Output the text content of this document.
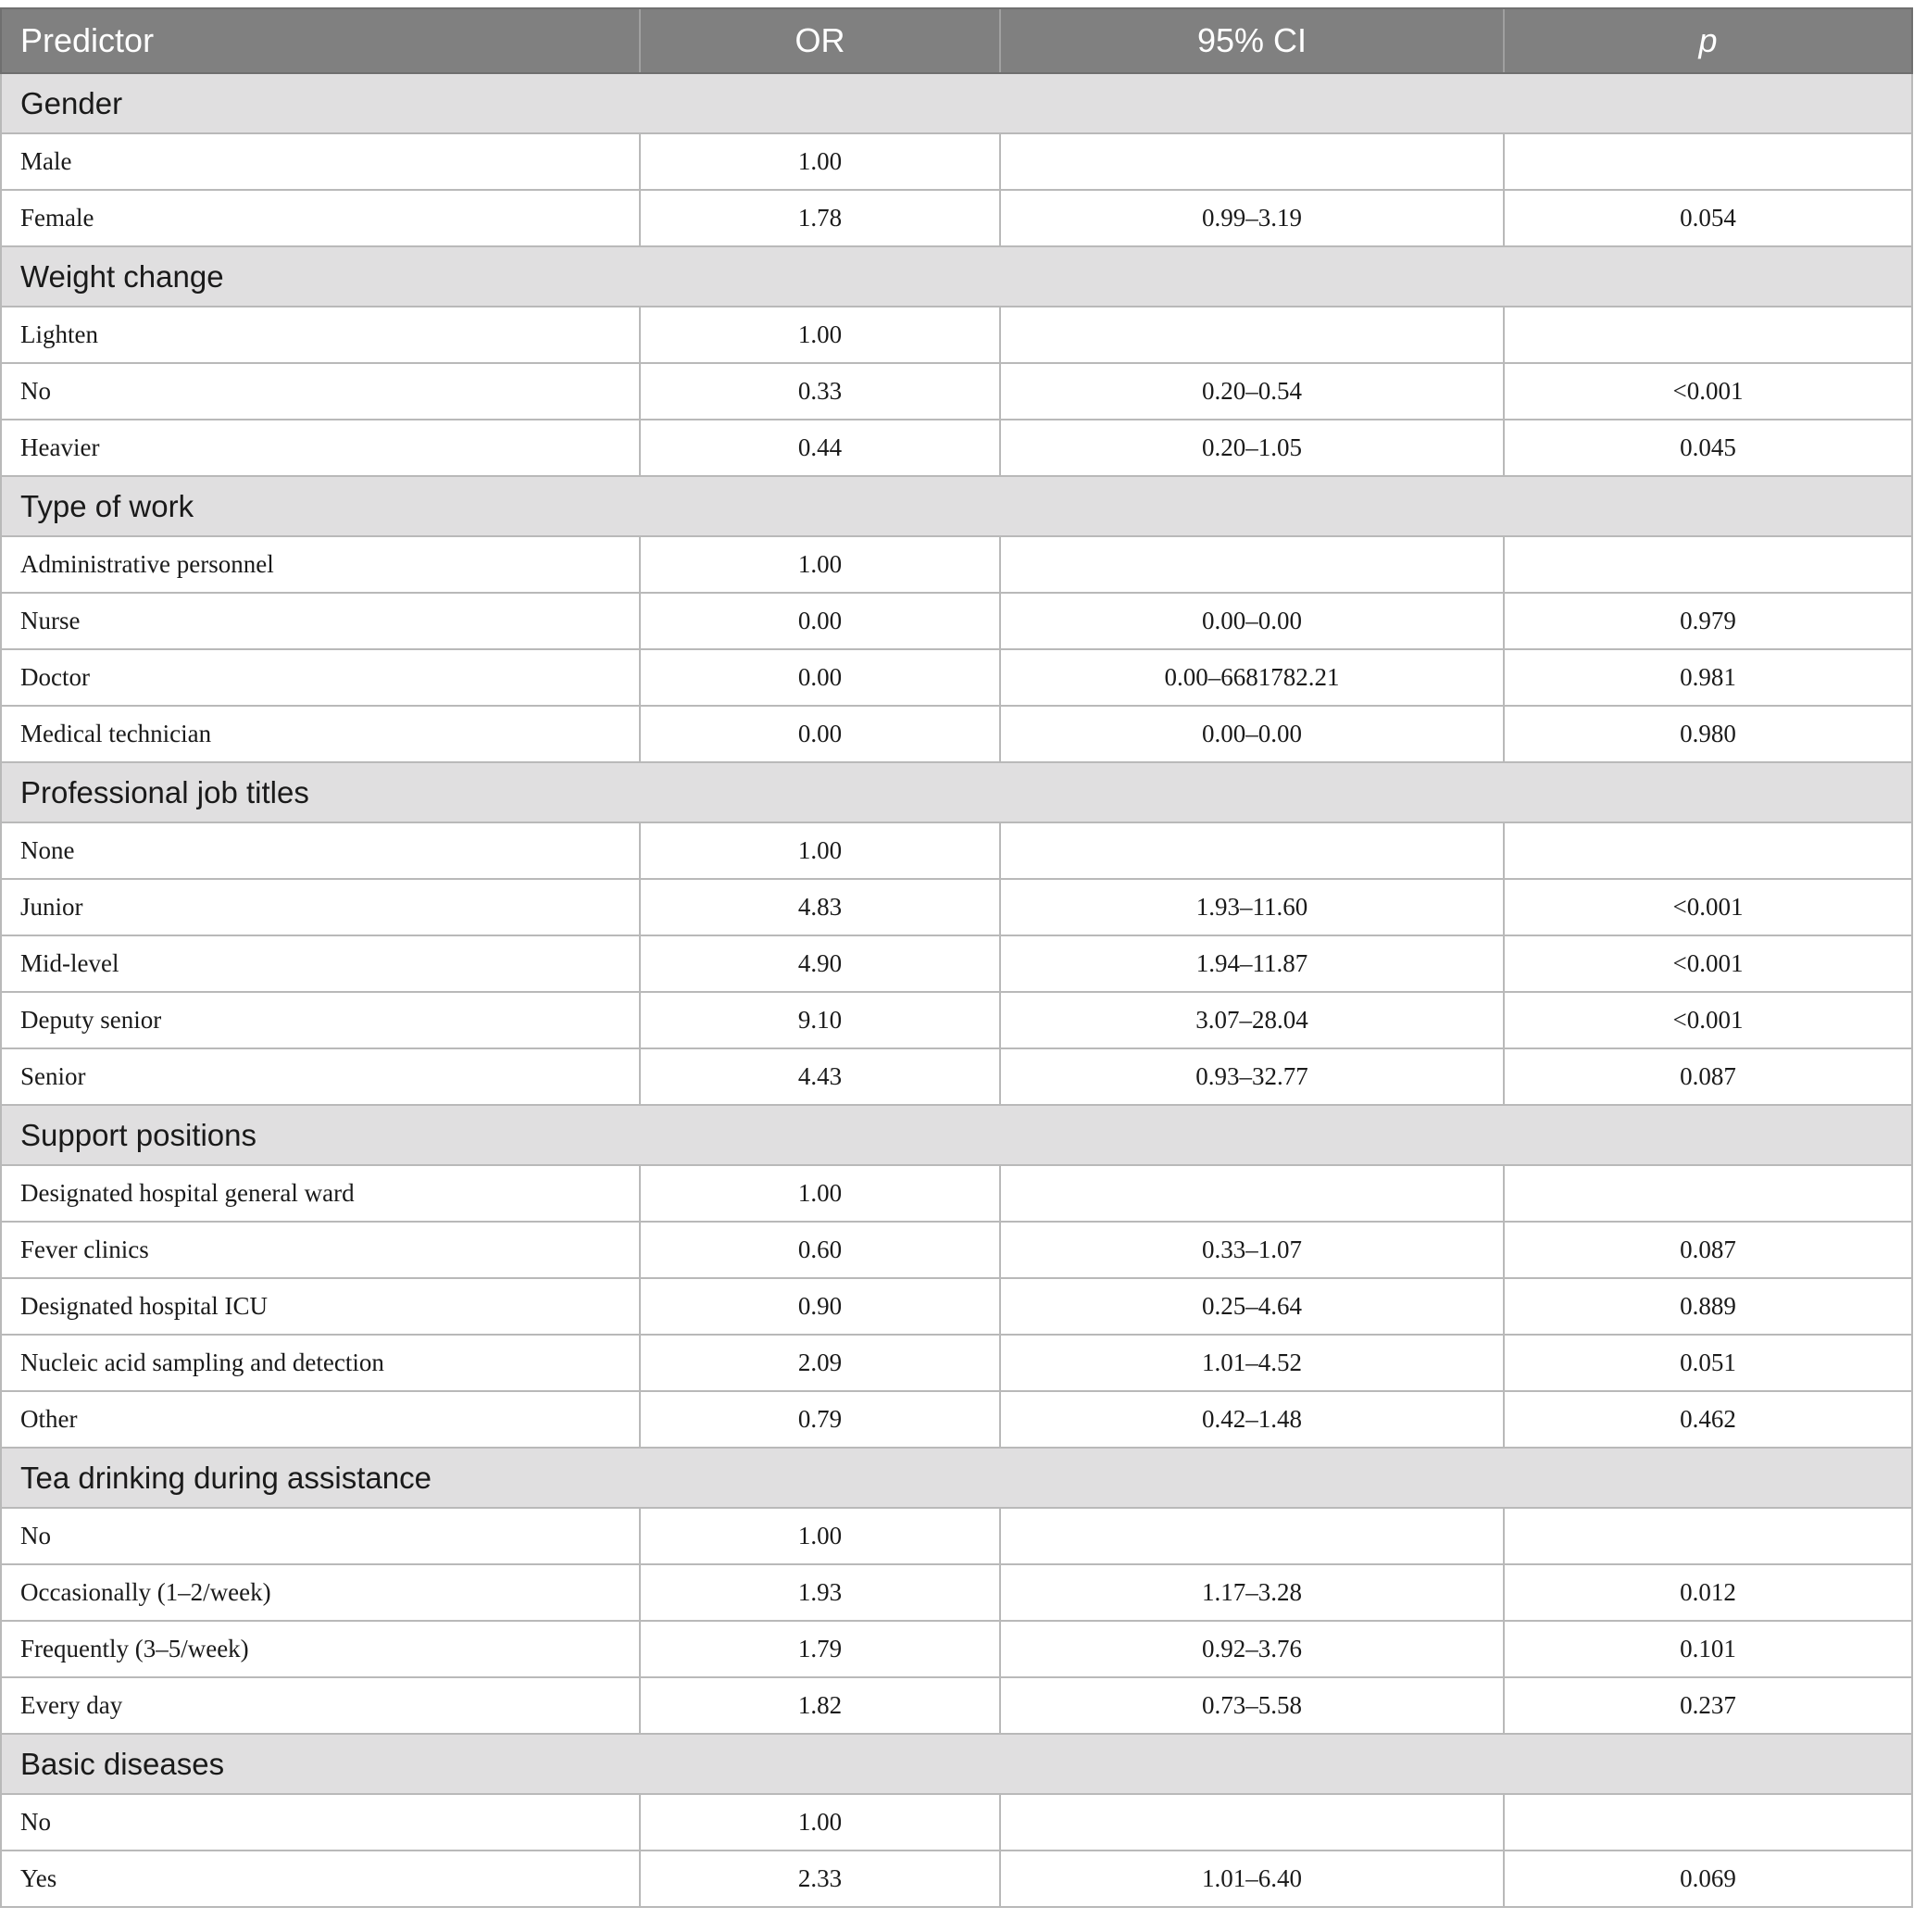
Predictor	OR	95% CI	p
Gender			
Male	1.00		
Female	1.78	0.99–3.19	0.054
Weight change			
Lighten	1.00		
No	0.33	0.20–0.54	<0.001
Heavier	0.44	0.20–1.05	0.045
Type of work			
Administrative personnel	1.00		
Nurse	0.00	0.00–0.00	0.979
Doctor	0.00	0.00–6681782.21	0.981
Medical technician	0.00	0.00–0.00	0.980
Professional job titles			
None	1.00		
Junior	4.83	1.93–11.60	<0.001
Mid-level	4.90	1.94–11.87	<0.001
Deputy senior	9.10	3.07–28.04	<0.001
Senior	4.43	0.93–32.77	0.087
Support positions			
Designated hospital general ward	1.00		
Fever clinics	0.60	0.33–1.07	0.087
Designated hospital ICU	0.90	0.25–4.64	0.889
Nucleic acid sampling and detection	2.09	1.01–4.52	0.051
Other	0.79	0.42–1.48	0.462
Tea drinking during assistance			
No	1.00		
Occasionally (1–2/week)	1.93	1.17–3.28	0.012
Frequently (3–5/week)	1.79	0.92–3.76	0.101
Every day	1.82	0.73–5.58	0.237
Basic diseases			
No	1.00		
Yes	2.33	1.01–6.40	0.069
